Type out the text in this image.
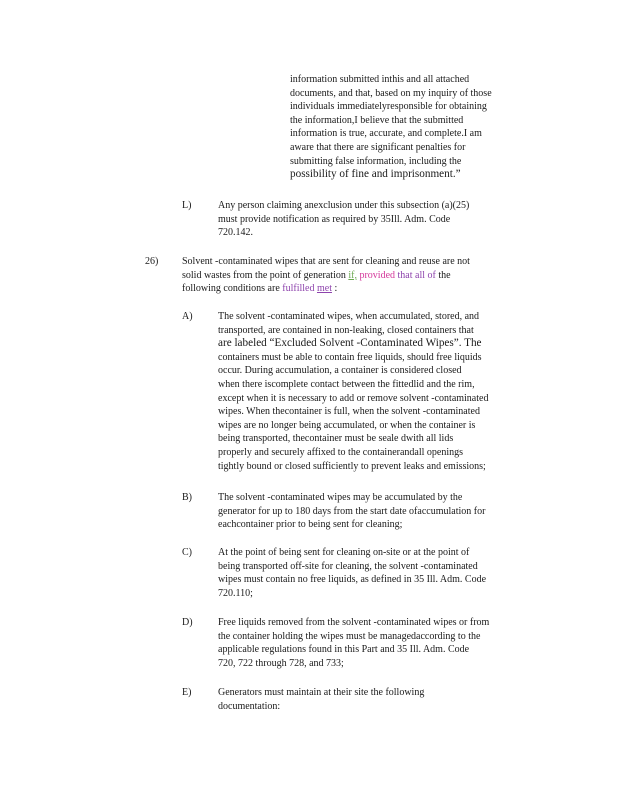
information submitted inthis and all attached
documents, and that, based on my inquiry of those
individuals immediatelyresponsible for obtaining
the information,I believe that the submitted
information is true, accurate, and complete.I am
aware that there are significant penalties for
submitting false information, including the
possibility of fine and imprisonment.”
L)	Any person claiming anexclusion under this subsection (a)(25)
must provide notification as required by 35Ill. Adm. Code
720.142.
26) Solvent -contaminated wipes that are sent for cleaning and reuse are not
solid wastes from the point of generation if, provided that all of the
following conditions are fulfilled met :
A)	The solvent -contaminated wipes, when accumulated, stored, and
transported, are contained in non-leaking, closed containers that
are labeled “Excluded Solvent -Contaminated Wipes”. The
containers must be able to contain free liquids, should free liquids
occur. During accumulation, a container is considered closed
when there iscomplete contact between the fittedlid and the rim,
except when it is necessary to add or remove solvent -contaminated
wipes. When thecontainer is full, when the solvent -contaminated
wipes are no longer being accumulated, or when the container is
being transported, thecontainer must be seale dwith all lids
properly and securely affixed to the containerandall openings
tightly bound or closed sufficiently to prevent leaks and emissions;
B)	The solvent -contaminated wipes may be accumulated by the
generator for up to 180 days from the start date ofaccumulation for
eachcontainer prior to being sent for cleaning;
C)	At the point of being sent for cleaning on-site or at the point of
being transported off-site for cleaning, the solvent -contaminated
wipes must contain no free liquids, as defined in 35 Ill. Adm. Code
720.110;
D)	Free liquids removed from the solvent -contaminated wipes or from
the container holding the wipes must be managedaccording to the
applicable regulations found in this Part and 35 Ill. Adm. Code
720, 722 through 728, and 733;
E)	Generators must maintain at their site the following
documentation:
